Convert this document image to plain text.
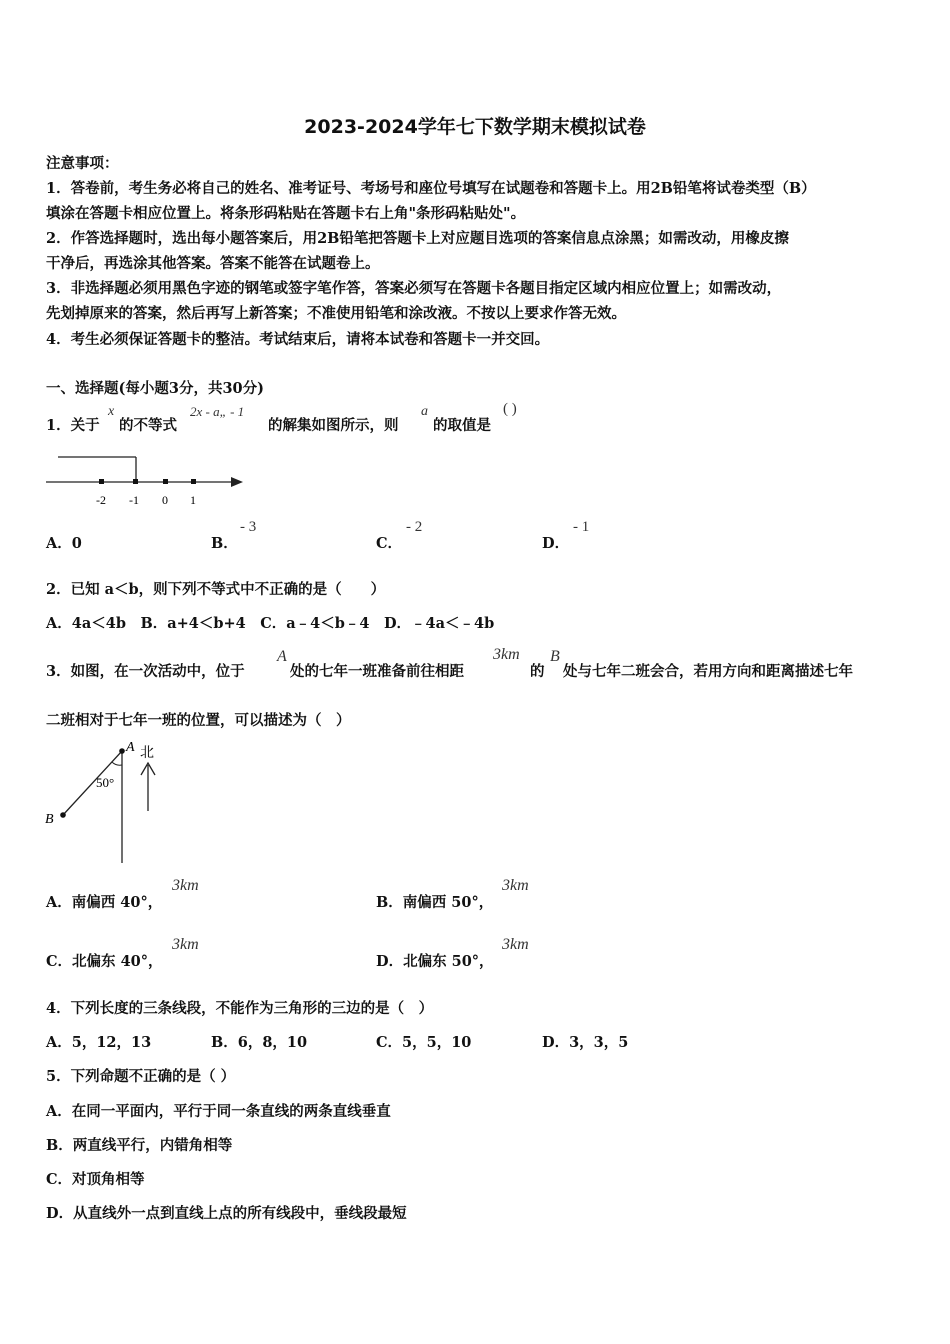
2023-2024学年七下数学期末模拟试卷
注意事项：
1．答卷前，考生务必将自己的姓名、准考证号、考场号和座位号填写在试题卷和答题卡上。用2B铅笔将试卷类型（B）
填涂在答题卡相应位置上。将条形码粘贴在答题卡右上角"条形码粘贴处"。
2．作答选择题时，选出每小题答案后，用2B铅笔把答题卡上对应题目选项的答案信息点涂黑；如需改动，用橡皮擦
干净后，再选涂其他答案。答案不能答在试题卷上。
3．非选择题必须用黑色字迹的钢笔或签字笔作答，答案必须写在答题卡各题目指定区域内相应位置上；如需改动，
先划掉原来的答案，然后再写上新答案；不准使用铅笔和涂改液。不按以上要求作答无效。
4．考生必须保证答题卡的整洁。考试结束后，请将本试卷和答题卡一并交回。
一、选择题(每小题3分，共30分)
1．关于
x
的不等式
2x - a„ - 1
的解集如图所示，则
a
的取值是
( )
-2 -1 0 1
A．0	B．
- 3
C．
- 2
D．
- 1
2．已知 a＜b，则下列不等式中不正确的是（　　）
A．4a＜4b　B．a+4＜b+4　C．a﹣4＜b﹣4　D．﹣4a＜﹣4b
3．如图，在一次活动中，位于
A
处的七年一班准备前往相距
3km
的
B
处与七年二班会合，若用方向和距离描述七年
二班相对于七年一班的位置，可以描述为（　）
A 北
50°
B
A．南偏西 40°，
3km
B．南偏西 50°，
3km
C．北偏东 40°，
3km
D．北偏东 50°，
3km
4．下列长度的三条线段，不能作为三角形的三边的是（　）
A．5，12，13	B．6，8，10	C．5，5，10	D．3，3，5
5．下列命题不正确的是（ ）
A．在同一平面内，平行于同一条直线的两条直线垂直
B．两直线平行，内错角相等
C．对顶角相等
D．从直线外一点到直线上点的所有线段中，垂线段最短
